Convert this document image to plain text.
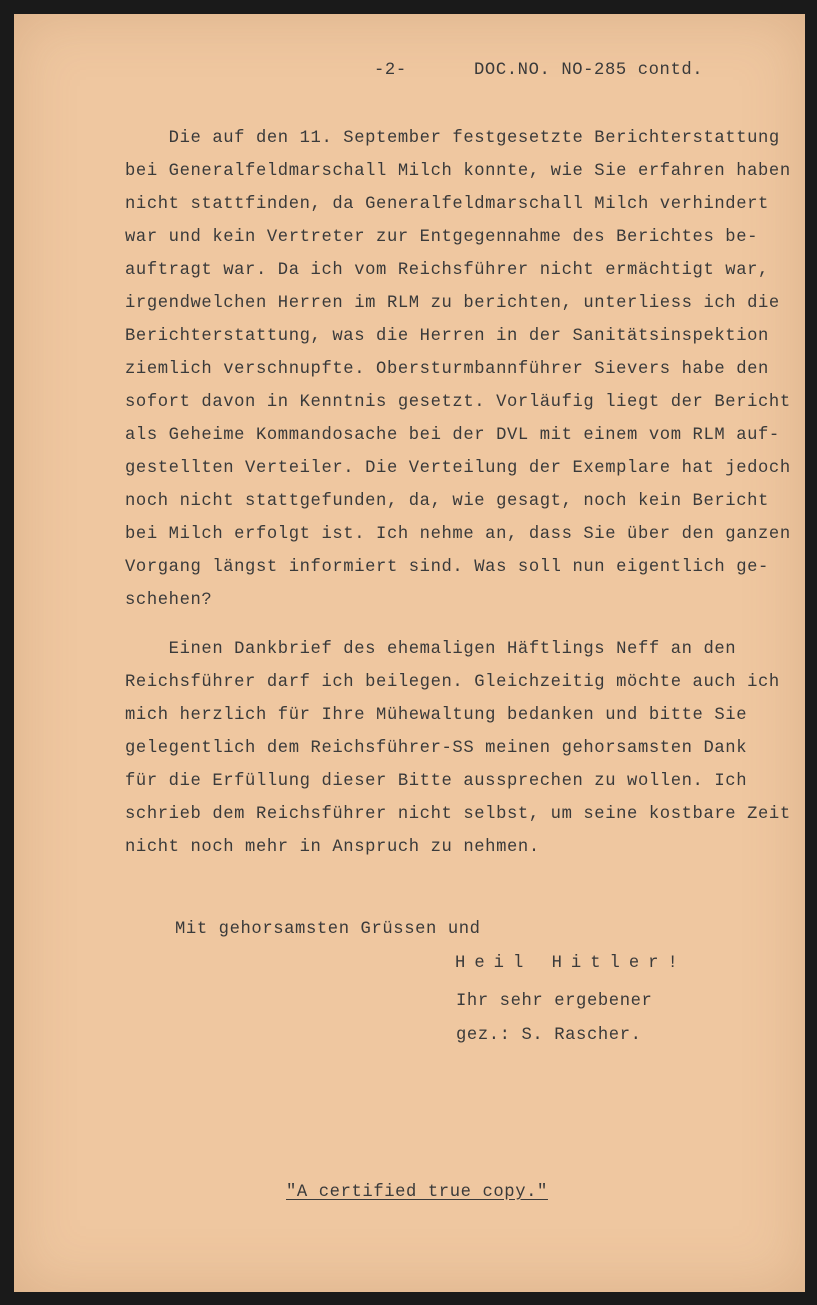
-2-	DOC.NO. NO-285 contd.
Die auf den 11. September festgesetzte Berichterstattung
bei Generalfeldmarschall Milch konnte, wie Sie erfahren haben
nicht stattfinden, da Generalfeldmarschall Milch verhindert
war und kein Vertreter zur Entgegennahme des Berichtes be-
auftragt war. Da ich vom Reichsführer nicht ermächtigt war,
irgendwelchen Herren im RLM zu berichten, unterliess ich die
Berichterstattung, was die Herren in der Sanitätsinspektion
ziemlich verschnupfte. Obersturmbannführer Sievers habe den
sofort davon in Kenntnis gesetzt. Vorläufig liegt der Bericht
als Geheime Kommandosache bei der DVL mit einem vom RLM auf-
gestellten Verteiler. Die Verteilung der Exemplare hat jedoch
noch nicht stattgefunden, da, wie gesagt, noch kein Bericht
bei Milch erfolgt ist. Ich nehme an, dass Sie über den ganzen
Vorgang längst informiert sind. Was soll nun eigentlich ge-
schehen?
Einen Dankbrief des ehemaligen Häftlings Neff an den
Reichsführer darf ich beilegen. Gleichzeitig möchte auch ich
mich herzlich für Ihre Mühewaltung bedanken und bitte Sie
gelegentlich dem Reichsführer-SS meinen gehorsamsten Dank
für die Erfüllung dieser Bitte aussprechen zu wollen. Ich
schrieb dem Reichsführer nicht selbst, um seine kostbare Zeit
nicht noch mehr in Anspruch zu nehmen.
Mit gehorsamsten Grüssen und
Heil Hitler!
Ihr sehr ergebener
gez.: S. Rascher.
"A certified true copy."
